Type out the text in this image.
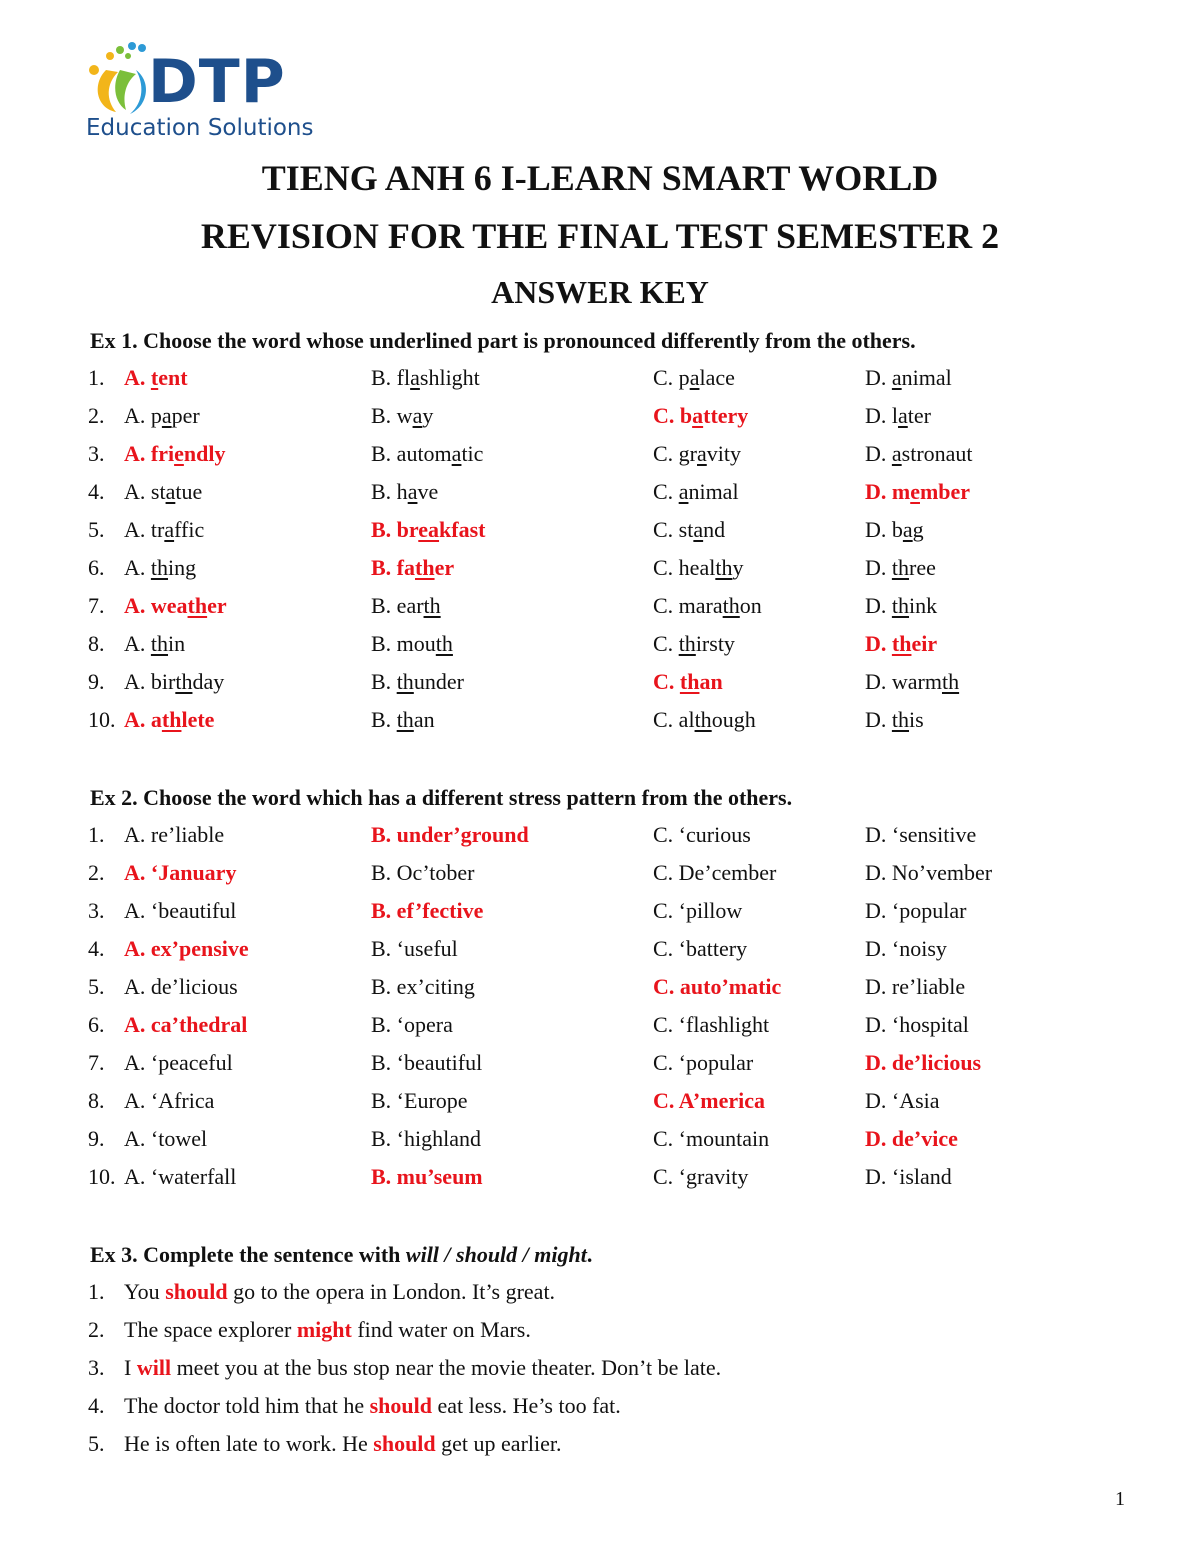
DTP
Education Solutions
TIENG ANH 6 I-LEARN SMART WORLD
REVISION FOR THE FINAL TEST SEMESTER 2
ANSWER KEY
Ex 1. Choose the word whose underlined part is pronounced differently from the others.
1. A. tent	B. flashlight	C. palace	D. animal
2. A. paper	B. way	C. battery	D. later
3. A. friendly	B. automatic	C. gravity	D. astronaut
4. A. statue	B. have	C. animal	D. member
5. A. traffic	B. breakfast	C. stand	D. bag
6. A. thing	B. father	C. healthy	D. three
7. A. weather	B. earth	C. marathon	D. think
8. A. thin	B. mouth	C. thirsty	D. their
9. A. birthday	B. thunder	C. than	D. warmth
10. A. athlete	B. than	C. although	D. this
Ex 2. Choose the word which has a different stress pattern from the others.
1. A. re’liable	B. under’ground	C. ‘curious	D. ‘sensitive
2. A. ‘January	B. Oc’tober	C. De’cember	D. No’vember
3. A. ‘beautiful	B. ef’fective	C. ‘pillow	D. ‘popular
4. A. ex’pensive	B. ‘useful	C. ‘battery	D. ‘noisy
5. A. de’licious	B. ex’citing	C. auto’matic	D. re’liable
6. A. ca’thedral	B. ‘opera	C. ‘flashlight	D. ‘hospital
7. A. ‘peaceful	B. ‘beautiful	C. ‘popular	D. de’licious
8. A. ‘Africa	B. ‘Europe	C. A’merica	D. ‘Asia
9. A. ‘towel	B. ‘highland	C. ‘mountain	D. de’vice
10. A. ‘waterfall	B. mu’seum	C. ‘gravity	D. ‘island
Ex 3. Complete the sentence with will / should / might.
1. You should go to the opera in London. It’s great.
2. The space explorer might find water on Mars.
3. I will meet you at the bus stop near the movie theater. Don’t be late.
4. The doctor told him that he should eat less. He’s too fat.
5. He is often late to work. He should get up earlier.
1
